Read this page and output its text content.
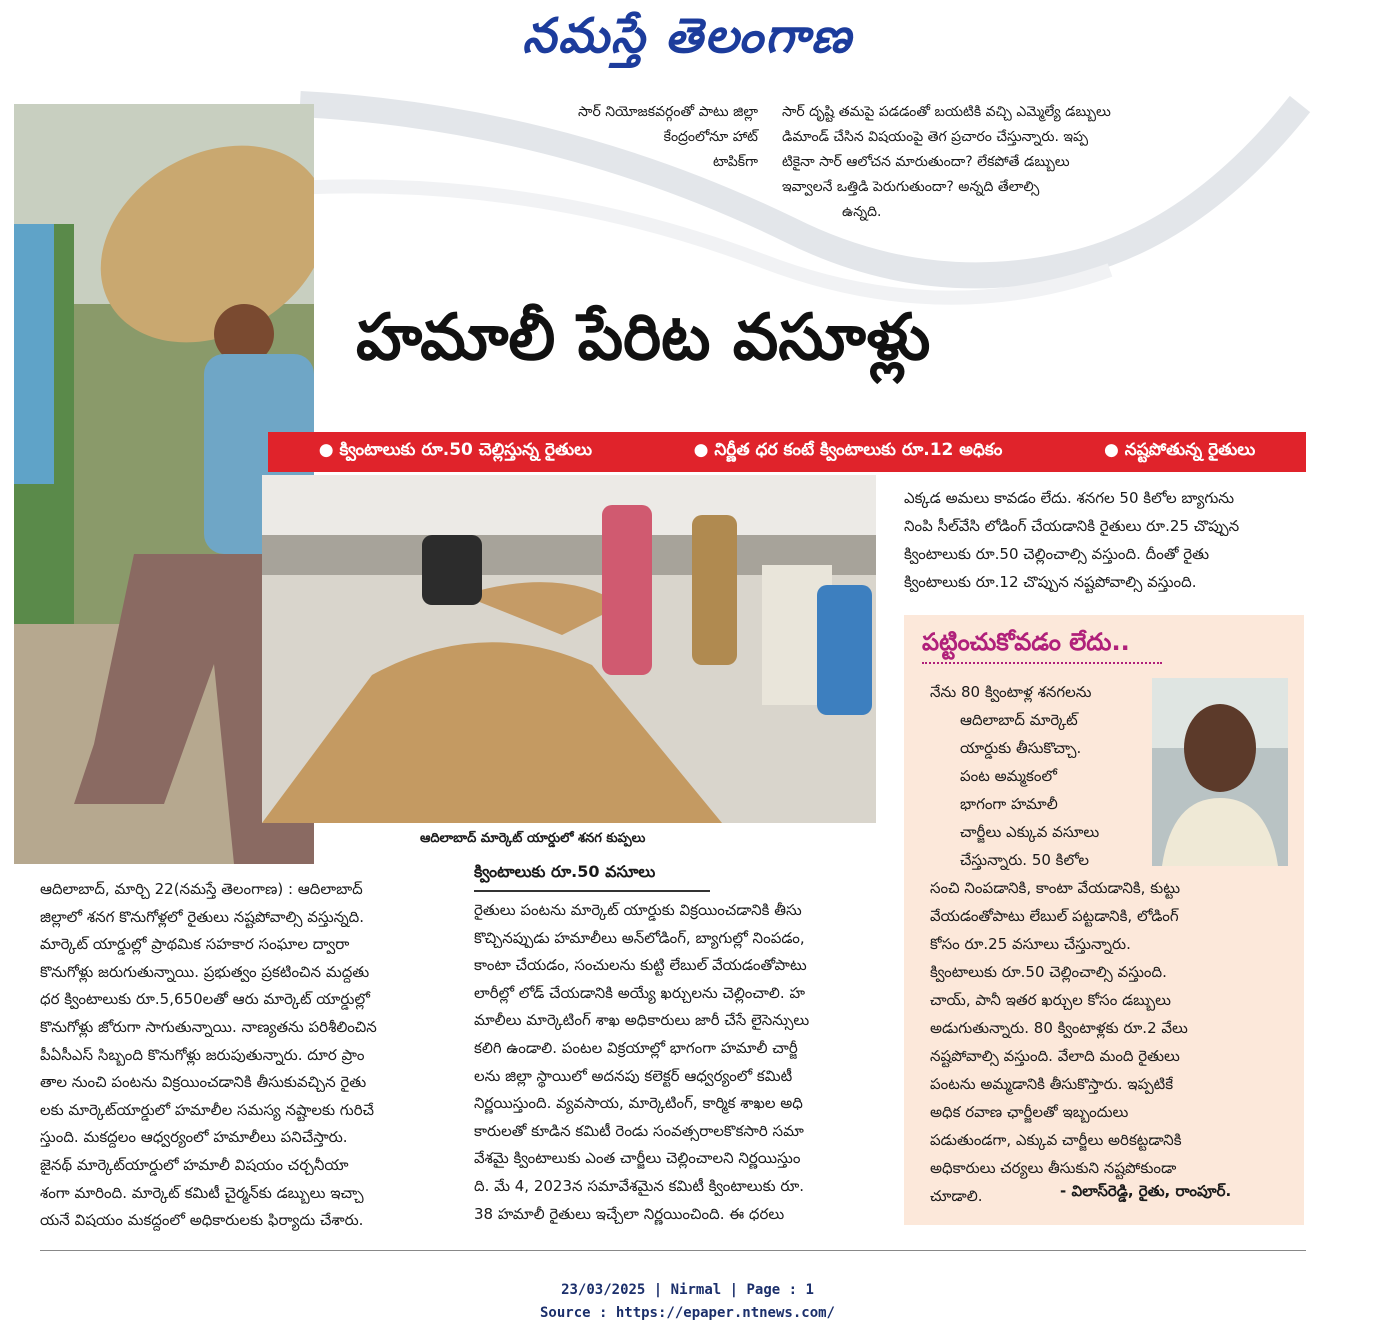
నమస్తే తెలంగాణ
సార్ నియోజకవర్గంతో పాటు జిల్లా
కేంద్రంలోనూ హాట్
టాపిక్‌గా
సార్ దృష్టి తమపై పడడంతో బయటికి వచ్చి ఎమ్మెల్యే డబ్బులు
డిమాండ్ చేసిన విషయంపై తెగ ప్రచారం చేస్తున్నారు. ఇప్ప
టికైనా సార్ ఆలోచన మారుతుందా? లేకపోతే డబ్బులు
ఇవ్వాలనే ఒత్తిడి పెరుగుతుందా? అన్నది తేలాల్సి
ఉన్నది.
హమాలీ పేరిట వసూళ్లు
● క్వింటాలుకు రూ.50 చెల్లిస్తున్న రైతులు	● నిర్ణీత ధర కంటే క్వింటాలుకు రూ.12 అధికం	● నష్టపోతున్న రైతులు
ఆదిలాబాద్ మార్కెట్ యార్డులో శనగ కుప్పలు
ఎక్కడ అమలు కావడం లేదు. శనగల 50 కిలోల బ్యాగును
నింపి సీల్‌వేసి లోడింగ్ చేయడానికి రైతులు రూ.25 చొప్పున
క్వింటాలుకు రూ.50 చెల్లించాల్సి వస్తుంది. దీంతో రైతు
క్వింటాలుకు రూ.12 చొప్పున నష్టపోవాల్సి వస్తుంది.
పట్టించుకోవడం లేదు..
నేను 80 క్వింటాళ్ల శనగలను
ఆదిలాబాద్ మార్కెట్
యార్డుకు తీసుకొచ్చా.
పంట అమ్మకంలో
భాగంగా హమాలీ
చార్జీలు ఎక్కువ వసూలు
చేస్తున్నారు. 50 కిలోల
సంచి నింపడానికి, కాంటా వేయడానికి, కుట్టు
వేయడంతోపాటు లేబుల్ పట్టడానికి, లోడింగ్
కోసం రూ.25 వసూలు చేస్తున్నారు.
క్వింటాలుకు రూ.50 చెల్లించాల్సి వస్తుంది.
చాయ్, పానీ ఇతర ఖర్చుల కోసం డబ్బులు
అడుగుతున్నారు. 80 క్వింటాళ్లకు రూ.2 వేలు
నష్టపోవాల్సి వస్తుంది. వేలాది మంది రైతులు
పంటను అమ్మడానికి తీసుకొస్తారు. ఇప్పటికే
అధిక రవాణ ఛార్జీలతో ఇబ్బందులు
పడుతుండగా, ఎక్కువ చార్జీలు అరికట్టడానికి
అధికారులు చర్యలు తీసుకుని నష్టపోకుండా
చూడాలి.	- విలాస్‌రెడ్డి, రైతు, రాంపూర్.
ఆదిలాబాద్, మార్చి 22(నమస్తే తెలంగాణ) : ఆదిలాబాద్
జిల్లాలో శనగ కొనుగోళ్లలో రైతులు నష్టపోవాల్సి వస్తున్నది.
మార్కెట్ యార్డుల్లో ప్రాథమిక సహకార సంఘాల ద్వారా
కొనుగోళ్లు జరుగుతున్నాయి. ప్రభుత్వం ప్రకటించిన మద్దతు
ధర క్వింటాలుకు రూ.5,650లతో ఆరు మార్కెట్ యార్డుల్లో
కొనుగోళ్లు జోరుగా సాగుతున్నాయి. నాణ్యతను పరిశీలించిన
పీఏసీఎస్ సిబ్బంది కొనుగోళ్లు జరుపుతున్నారు. దూర ప్రాం
తాల నుంచి పంటను విక్రయించడానికి తీసుకువచ్చిన రైతు
లకు మార్కెట్‌యార్డులో హమాలీల సమస్య నష్టాలకు గురిచే
స్తుంది. మకద్దలం ఆధ్వర్యంలో హమాలీలు పనిచేస్తారు.
జైనథ్ మార్కెట్‌యార్డులో హమాలీ విషయం చర్చనీయా
శంగా మారింది. మార్కెట్ కమిటీ చైర్మన్‌కు డబ్బులు ఇచ్చా
యనే విషయం మకద్దంలో అధికారులకు ఫిర్యాదు చేశారు.
క్వింటాలుకు రూ.50 వసూలు
రైతులు పంటను మార్కెట్ యార్డుకు విక్రయించడానికి తీసు
కొచ్చినప్పుడు హమాలీలు అన్‌లోడింగ్, బ్యాగుల్లో నింపడం,
కాంటా చేయడం, సంచులను కుట్టి లేబుల్ వేయడంతోపాటు
లారీల్లో లోడ్ చేయడానికి అయ్యే ఖర్చులను చెల్లించాలి. హ
మాలీలు మార్కెటింగ్ శాఖ అధికారులు జారీ చేసే లైసెన్సులు
కలిగి ఉండాలి. పంటల విక్రయాల్లో భాగంగా హమాలీ చార్జీ
లను జిల్లా స్థాయిలో అదనపు కలెక్టర్ ఆధ్వర్యంలో కమిటీ
నిర్ణయిస్తుంది. వ్యవసాయ, మార్కెటింగ్, కార్మిక శాఖల అధి
కారులతో కూడిన కమిటీ రెండు సంవత్సరాలకొకసారి సమా
వేశమై క్వింటాలుకు ఎంత చార్జీలు చెల్లించాలని నిర్ణయిస్తుం
ది. మే 4, 2023న సమావేశమైన కమిటీ క్వింటాలుకు రూ.
38 హమాలీ రైతులు ఇచ్చేలా నిర్ణయించింది. ఈ ధరలు
23/03/2025 | Nirmal | Page : 1
Source : https://epaper.ntnews.com/
